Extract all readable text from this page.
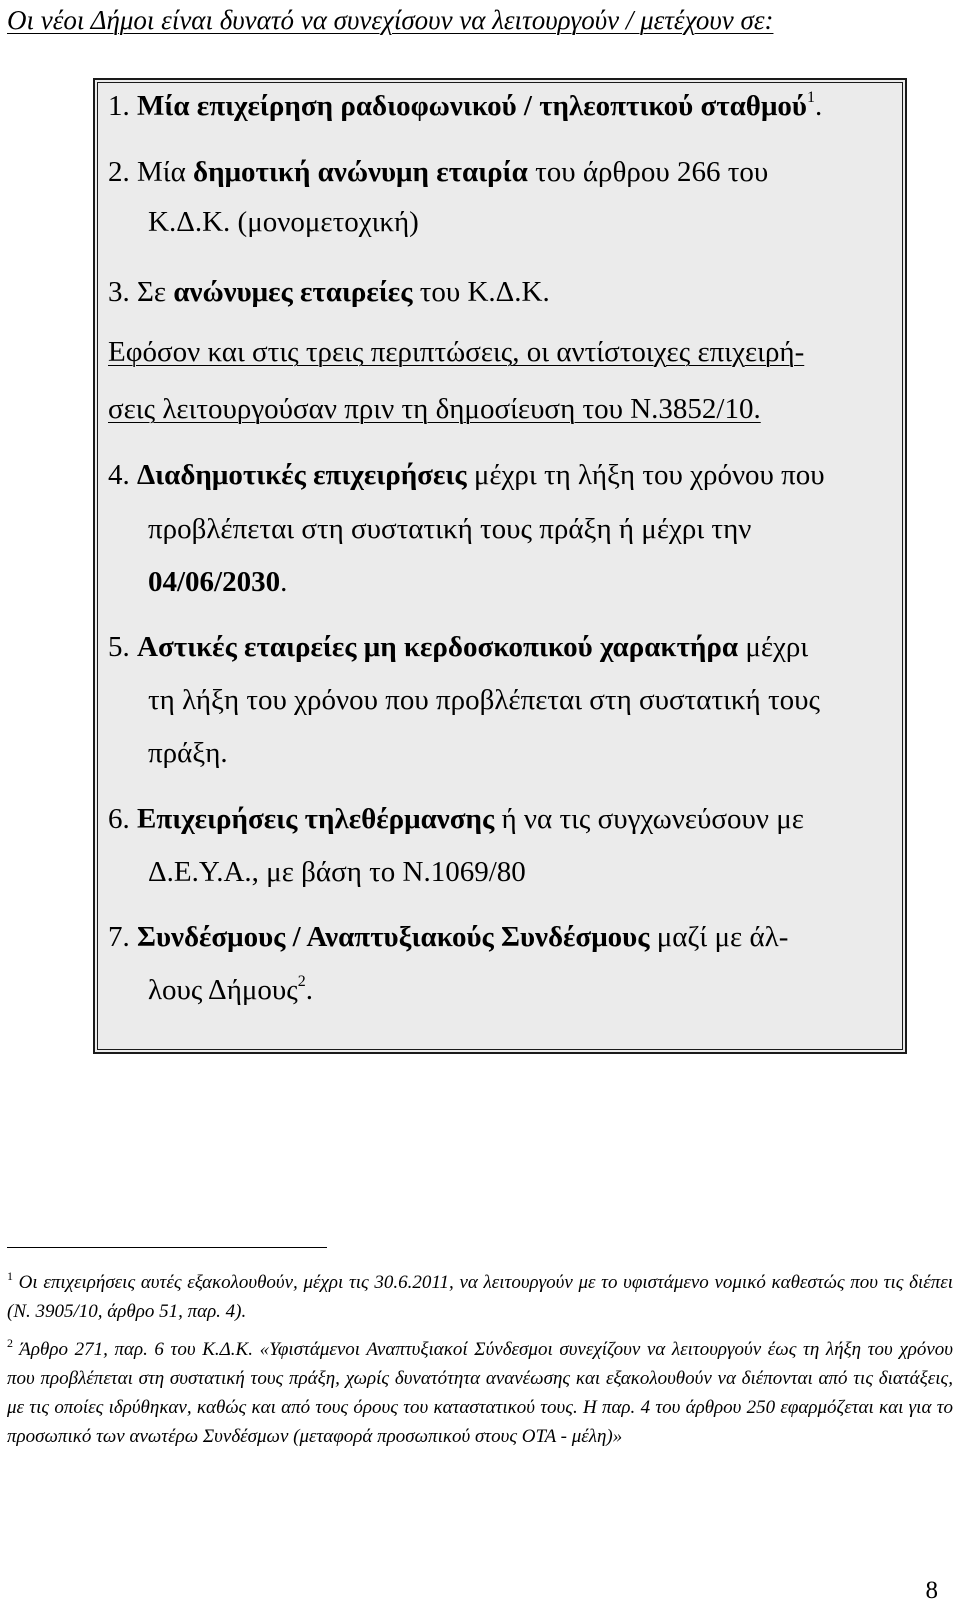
Οι νέοι Δήμοι είναι δυνατό να συνεχίσουν να λειτουργούν / μετέχουν σε:
1. Μία επιχείρηση ραδιοφωνικού / τηλεοπτικού σταθμού$^1$.
2. Μία δημοτική ανώνυμη εταιρία του άρθρου 266 του
Κ.Δ.Κ. (μονομετοχική)
3. Σε ανώνυμες εταιρείες του Κ.Δ.Κ.
Εφόσον και στις τρεις περιπτώσεις, οι αντίστοιχες επιχειρή-
σεις λειτουργούσαν πριν τη δημοσίευση του Ν.3852/10.
4. Διαδημοτικές επιχειρήσεις μέχρι τη λήξη του χρόνου που
προβλέπεται στη συστατική τους πράξη ή μέχρι την
04/06/2030.
5. Αστικές εταιρείες μη κερδοσκοπικού χαρακτήρα μέχρι
τη λήξη του χρόνου που προβλέπεται στη συστατική τους
πράξη.
6. Επιχειρήσεις τηλεθέρμανσης ή να τις συγχωνεύσουν με
Δ.Ε.Υ.Α., με βάση το Ν.1069/80
7. Συνδέσμους / Αναπτυξιακούς Συνδέσμους μαζί με άλ-
λους Δήμους$^2$.
$^1$ Οι επιχειρήσεις αυτές εξακολουθούν, μέχρι τις 30.6.2011, να λειτουργούν με το υφιστάμενο νομικό καθεστώς που τις διέπει (Ν. 3905/10, άρθρο 51, παρ. 4).
$^2$ Άρθρο 271, παρ. 6 του Κ.Δ.Κ. «Υφιστάμενοι Αναπτυξιακοί Σύνδεσμοι συνεχίζουν να λειτουργούν έως τη λήξη του χρόνου που προβλέπεται στη συστατική τους πράξη, χωρίς δυνατότητα ανανέωσης και εξακολουθούν να διέπονται από τις διατάξεις, με τις οποίες ιδρύθηκαν, καθώς και από τους όρους του καταστατικού τους. Η παρ. 4 του άρθρου 250 εφαρμόζεται και για το προσωπικό των ανωτέρω Συνδέσμων (μεταφορά προσωπικού στους ΟΤΑ - μέλη)»
8
